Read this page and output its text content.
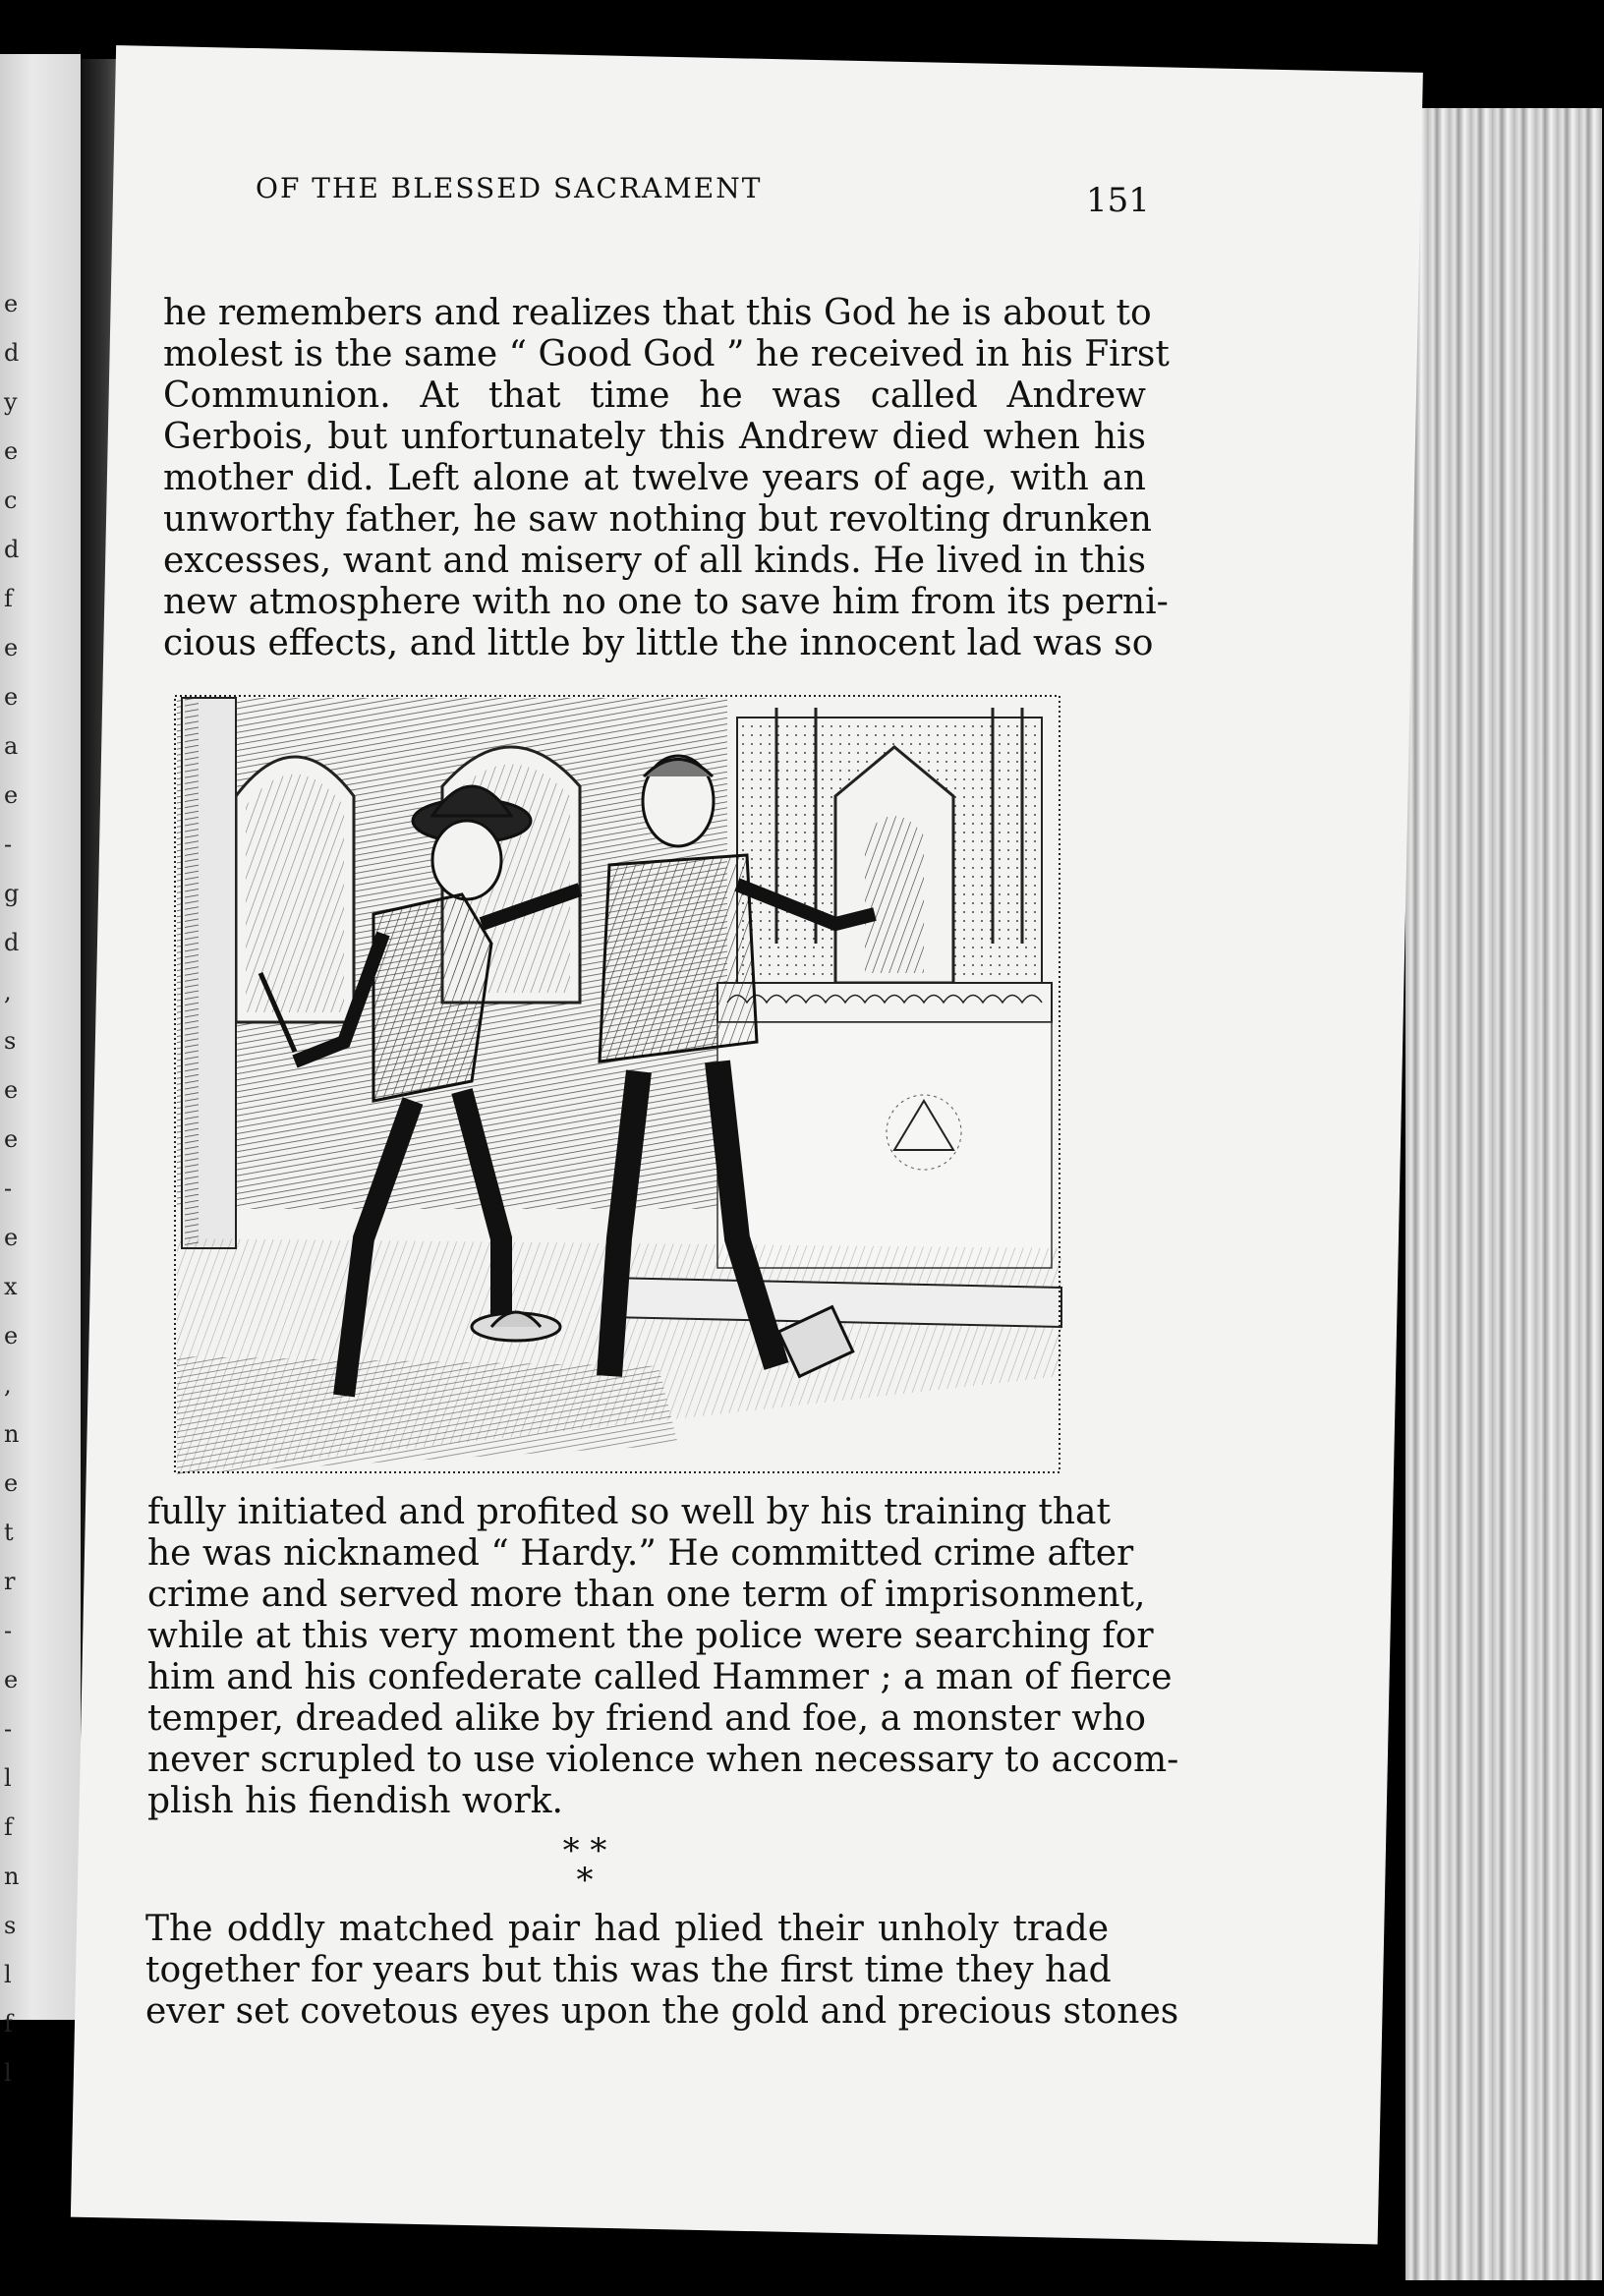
e
d
y
e
c
d
f
e
e
a
e
-
g
d
,
s
e
e
-
e
x
e
,
n
e
t
r
-
e
-
l
f
n
s
l
f
l
OF THE BLESSED SACRAMENT	151
he remembers and realizes that this God he is about to
molest is the same “ Good God ” he received in his First
Communion. At that time he was called Andrew
Gerbois, but unfortunately this Andrew died when his
mother did. Left alone at twelve years of age, with an
unworthy father, he saw nothing but revolting drunken
excesses, want and misery of all kinds. He lived in this
new atmosphere with no one to save him from its perni-
cious effects, and little by little the innocent lad was so
fully initiated and profited so well by his training that
he was nicknamed “ Hardy.” He committed crime after
crime and served more than one term of imprisonment,
while at this very moment the police were searching for
him and his confederate called Hammer ; a man of fierce
temper, dreaded alike by friend and foe, a monster who
never scrupled to use violence when necessary to accom-
plish his fiendish work.
* * *
The oddly matched pair had plied their unholy trade
together for years but this was the first time they had
ever set covetous eyes upon the gold and precious stones
